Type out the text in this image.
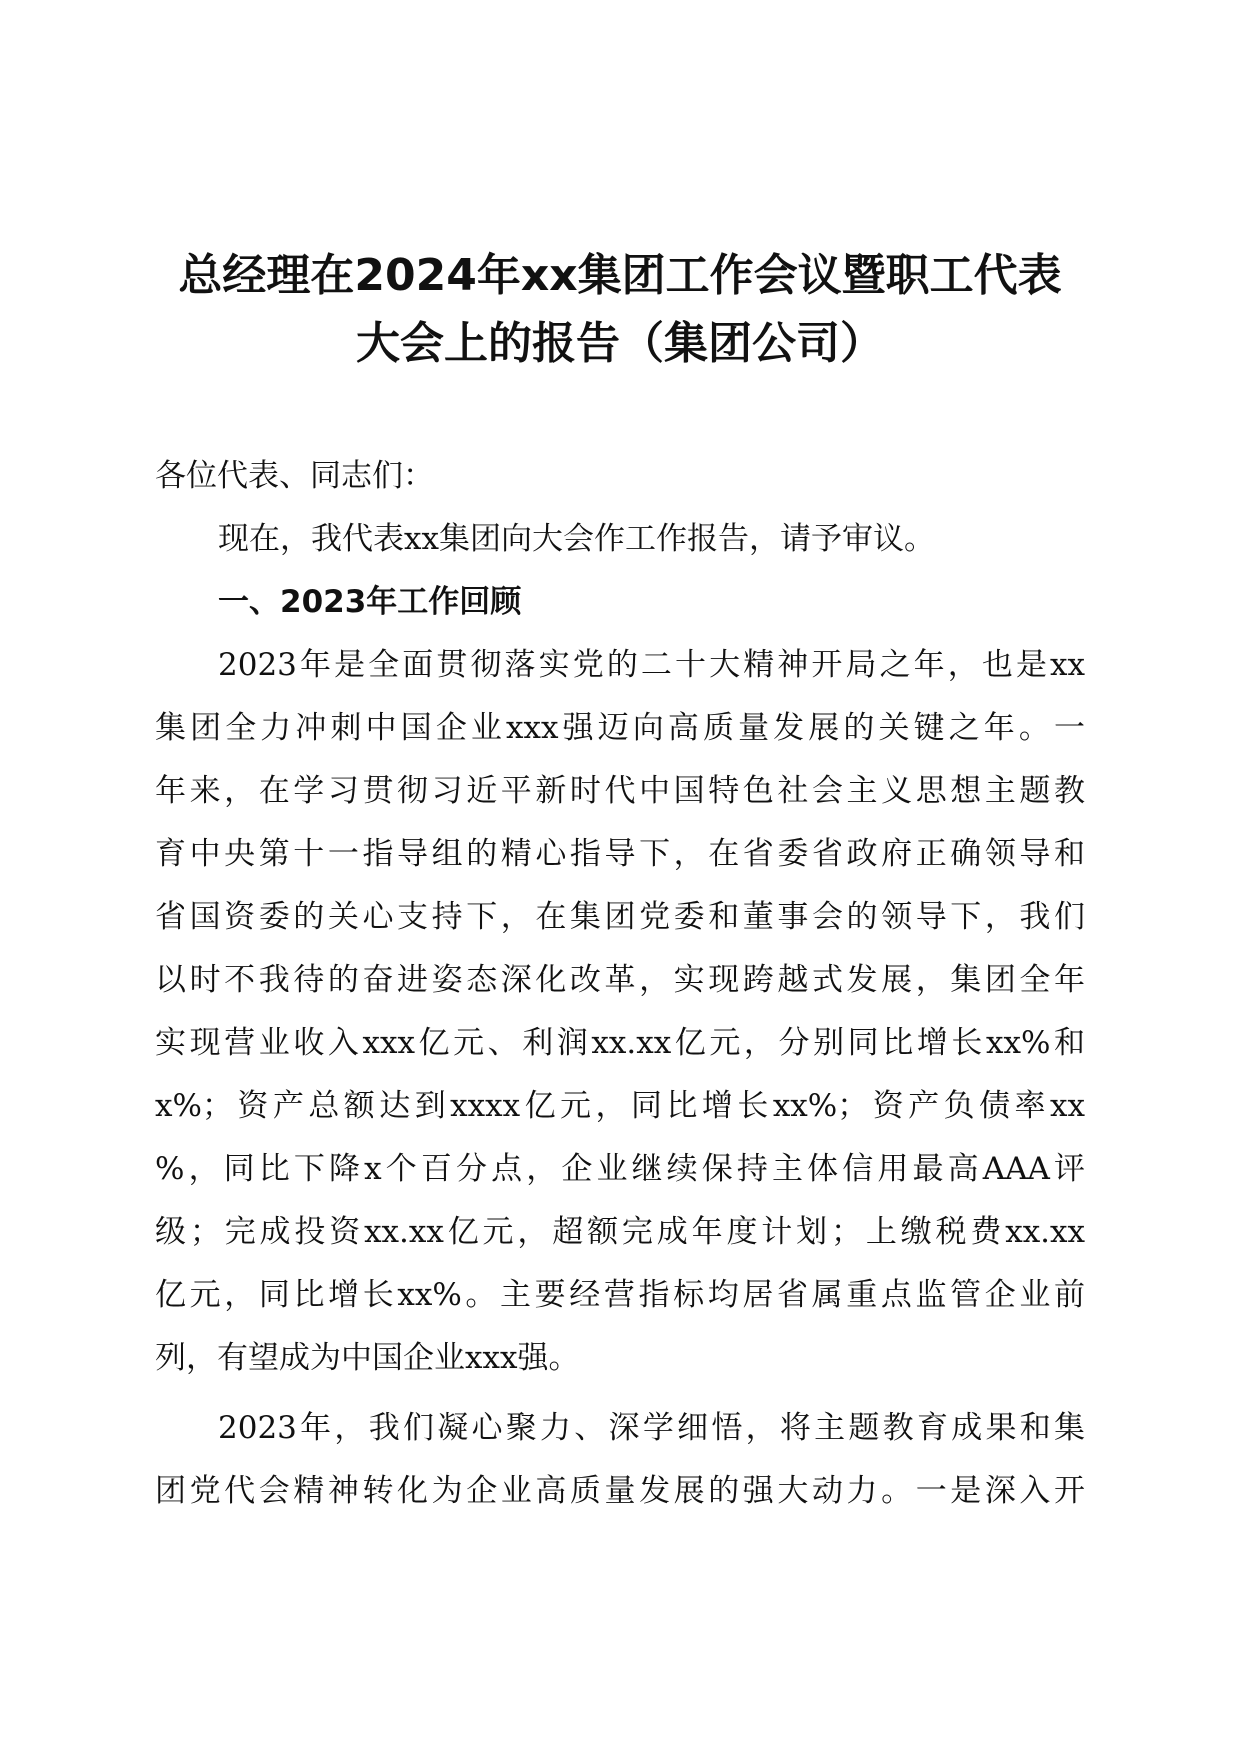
总经理在2024年xx集团工作会议暨职工代表
大会上的报告（集团公司）
各位代表、同志们：
现在，我代表xx集团向大会作工作报告，请予审议。
一、2023年工作回顾
2023年是全面贯彻落实党的二十大精神开局之年，也是xx
集团全力冲刺中国企业xxx强迈向高质量发展的关键之年。一
年来，在学习贯彻习近平新时代中国特色社会主义思想主题教
育中央第十一指导组的精心指导下，在省委省政府正确领导和
省国资委的关心支持下，在集团党委和董事会的领导下，我们
以时不我待的奋进姿态深化改革，实现跨越式发展，集团全年
实现营业收入xxx亿元、利润xx.xx亿元，分别同比增长xx%和
x%；资产总额达到xxxx亿元，同比增长xx%；资产负债率xx
%，同比下降x个百分点，企业继续保持主体信用最高AAA评
级；完成投资xx.xx亿元，超额完成年度计划；上缴税费xx.xx
亿元，同比增长xx%。主要经营指标均居省属重点监管企业前
列，有望成为中国企业xxx强。
2023年，我们凝心聚力、深学细悟，将主题教育成果和集
团党代会精神转化为企业高质量发展的强大动力。一是深入开
